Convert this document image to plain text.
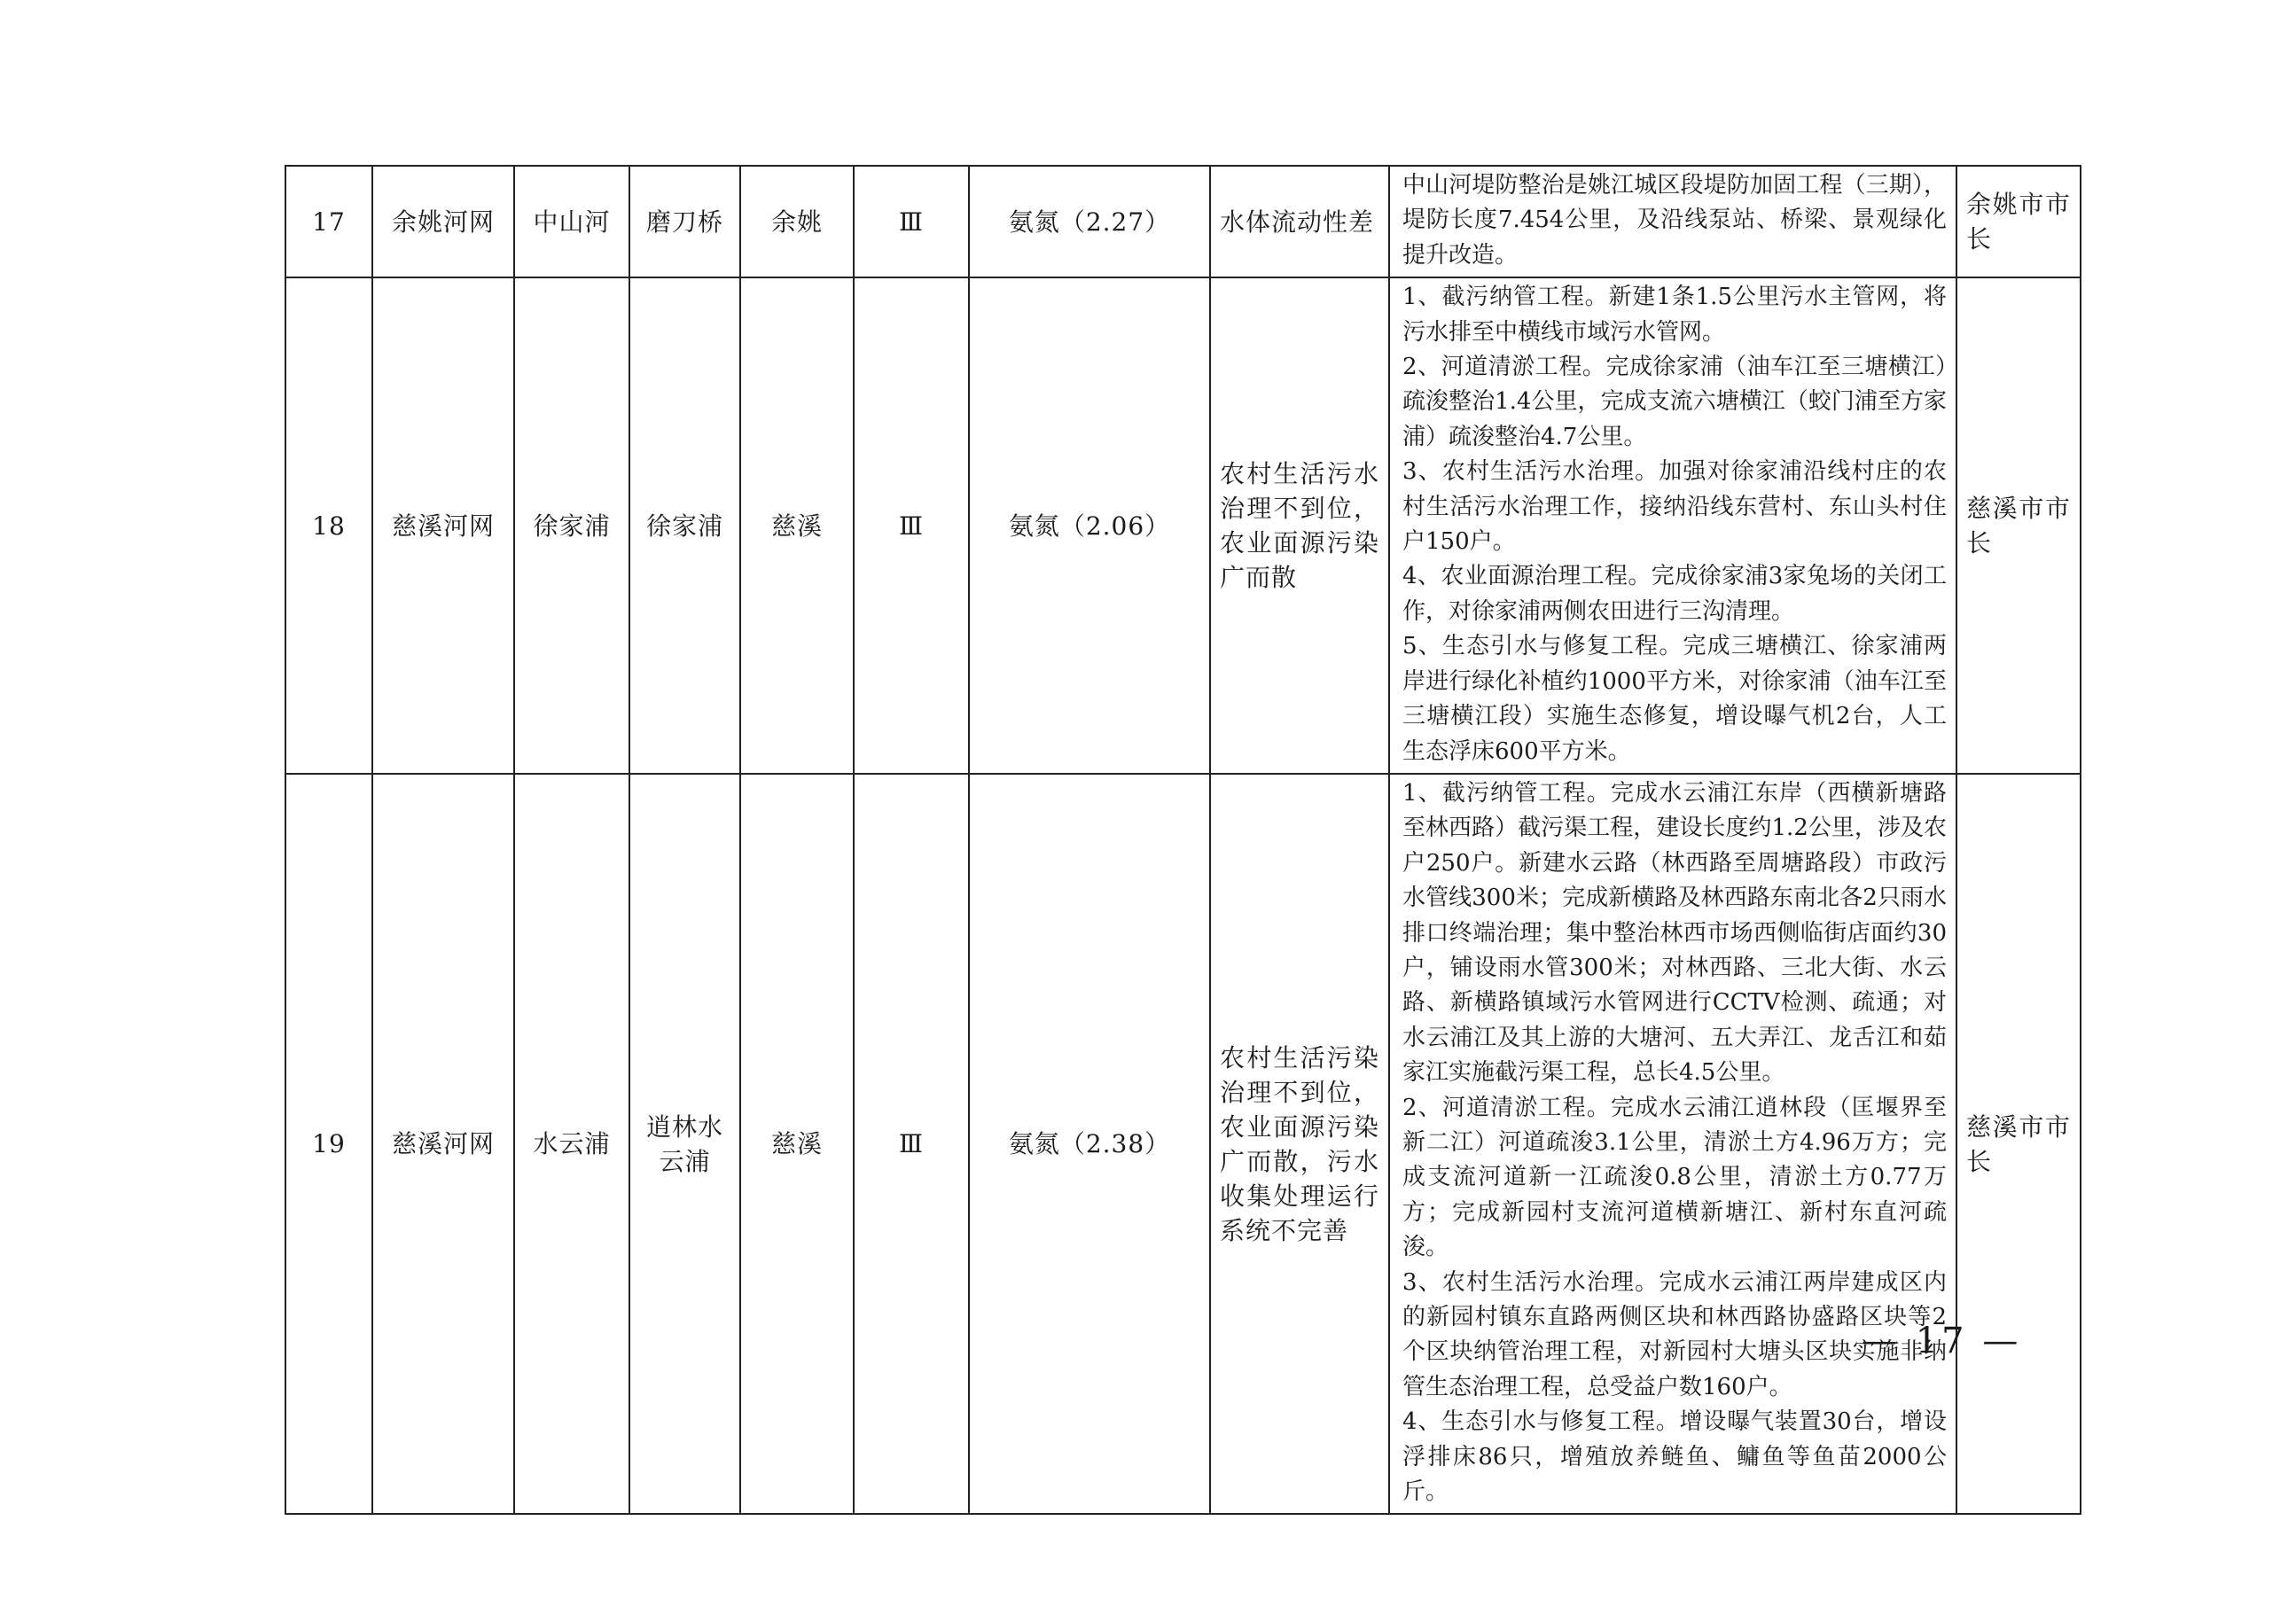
17	余姚河网	中山河	磨刀桥	余姚	Ⅲ	氨氮（2.27）	水体流动性差	中山河堤防整治是姚江城区段堤防加固工程（三期），堤防长度7.454公里，及沿线泵站、桥梁、景观绿化提升改造。	余姚市市长
18	慈溪河网	徐家浦	徐家浦	慈溪	Ⅲ	氨氮（2.06）	农村生活污水治理不到位，农业面源污染广而散	1、截污纳管工程。新建1条1.5公里污水主管网，将污水排至中横线市域污水管网。

2、河道清淤工程。完成徐家浦（油车江至三塘横江）疏浚整治1.4公里，完成支流六塘横江（蛟门浦至方家浦）疏浚整治4.7公里。

3、农村生活污水治理。加强对徐家浦沿线村庄的农村生活污水治理工作，接纳沿线东营村、东山头村住户150户。

4、农业面源治理工程。完成徐家浦3家兔场的关闭工作，对徐家浦两侧农田进行三沟清理。

5、生态引水与修复工程。完成三塘横江、徐家浦两岸进行绿化补植约1000平方米，对徐家浦（油车江至三塘横江段）实施生态修复，增设曝气机2台，人工生态浮床600平方米。	慈溪市市长
19	慈溪河网	水云浦	逍林水云浦	慈溪	Ⅲ	氨氮（2.38）	农村生活污染治理不到位，农业面源污染广而散，污水收集处理运行系统不完善	1、截污纳管工程。完成水云浦江东岸（西横新塘路至林西路）截污渠工程，建设长度约1.2公里，涉及农户250户。新建水云路（林西路至周塘路段）市政污水管线300米；完成新横路及林西路东南北各2只雨水排口终端治理；集中整治林西市场西侧临街店面约30户，铺设雨水管300米；对林西路、三北大街、水云路、新横路镇域污水管网进行CCTV检测、疏通；对水云浦江及其上游的大塘河、五大弄江、龙舌江和茹家江实施截污渠工程，总长4.5公里。

2、河道清淤工程。完成水云浦江逍林段（匡堰界至新二江）河道疏浚3.1公里，清淤土方4.96万方；完成支流河道新一江疏浚0.8公里，清淤土方0.77万方；完成新园村支流河道横新塘江、新村东直河疏浚。

3、农村生活污水治理。完成水云浦江两岸建成区内的新园村镇东直路两侧区块和林西路协盛路区块等2个区块纳管治理工程，对新园村大塘头区块实施非纳管生态治理工程，总受益户数160户。

4、生态引水与修复工程。增设曝气装置30台，增设浮排床86只，增殖放养鲢鱼、鳙鱼等鱼苗2000公斤。	慈溪市市长
— 17 —
